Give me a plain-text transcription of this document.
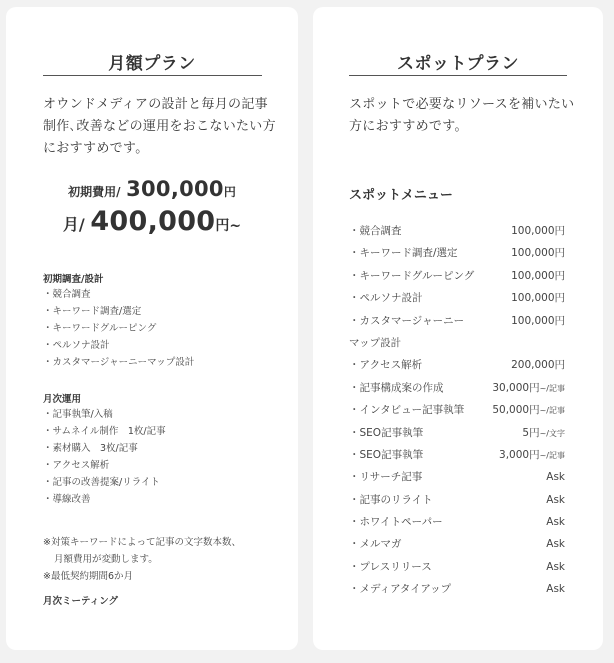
月額プラン

オウンドメディアの設計と毎月の記事制作､改善などの運用をおこないたい方におすすめです。

初期費用/ 300,000円
月/ 400,000円~
初期調査/設計
・競合調査
・キーワード調査/選定
・キーワードグルーピング
・ペルソナ設計
・カスタマージャーニーマップ設計
月次運用
・記事執筆/入稿
・サムネイル制作　1枚/記事
・素材購入　3枚/記事
・アクセス解析
・記事の改善提案/リライト
・導線改善
※対策キーワードによって記事の文字数本数、
月額費用が変動します。
※最低契約期間6か月
月次ミーティング
スポットプラン

スポットで必要なリソースを補いたい方におすすめです。

スポットメニュー
・競合調査	100,000円
・キーワード調査/選定	100,000円
・キーワードグルーピング	100,000円
・ペルソナ設計	100,000円
・カスタマージャーニー	100,000円
マップ設計
・アクセス解析	200,000円
・記事構成案の作成	30,000円~/記事
・インタビュー記事執筆	50,000円~/記事
・SEO記事執筆	5円~/文字
・SEO記事執筆	3,000円~/記事
・リサーチ記事	Ask
・記事のリライト	Ask
・ホワイトペーパー	Ask
・メルマガ	Ask
・プレスリリース	Ask
・メディアタイアップ	Ask
